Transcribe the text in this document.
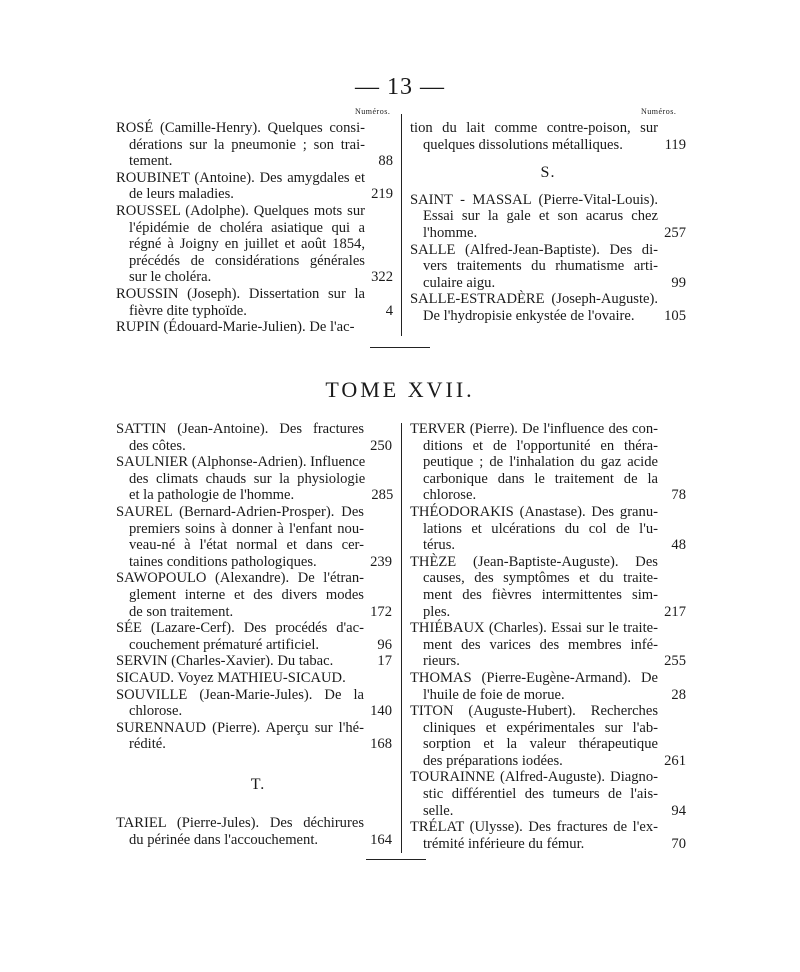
— 13 —
Numéros.	Numéros.
ROSÉ (Camille-Henry). Quelques consi-
dérations sur la pneumonie ; son trai-
tement.	88
ROUBINET (Antoine). Des amygdales et
de leurs maladies.	219
ROUSSEL (Adolphe). Quelques mots sur
l'épidémie de choléra asiatique qui a
régné à Joigny en juillet et août 1854,
précédés de considérations générales
sur le choléra.	322
ROUSSIN (Joseph). Dissertation sur la
fièvre dite typhoïde.	4
RUPIN (Édouard-Marie-Julien). De l'ac-
tion du lait comme contre-poison, sur
quelques dissolutions métalliques.	119
S.
SAINT - MASSAL (Pierre-Vital-Louis).
Essai sur la gale et son acarus chez
l'homme.	257
SALLE (Alfred-Jean-Baptiste). Des di-
vers traitements du rhumatisme arti-
culaire aigu.	99
SALLE-ESTRADÈRE (Joseph-Auguste).
De l'hydropisie enkystée de l'ovaire.	105
TOME XVII.
SATTIN (Jean-Antoine). Des fractures
des côtes.	250
SAULNIER (Alphonse-Adrien). Influence
des climats chauds sur la physiologie
et la pathologie de l'homme.	285
SAUREL (Bernard-Adrien-Prosper). Des
premiers soins à donner à l'enfant nou-
veau-né à l'état normal et dans cer-
taines conditions pathologiques.	239
SAWOPOULO (Alexandre). De l'étran-
glement interne et des divers modes
de son traitement.	172
SÉE (Lazare-Cerf). Des procédés d'ac-
couchement prématuré artificiel.	96
SERVIN (Charles-Xavier). Du tabac.	17
SICAUD. Voyez MATHIEU-SICAUD.
SOUVILLE (Jean-Marie-Jules). De la
chlorose.	140
SURENNAUD (Pierre). Aperçu sur l'hé-
rédité.	168
T.
TARIEL (Pierre-Jules). Des déchirures
du périnée dans l'accouchement.	164
TERVER (Pierre). De l'influence des con-
ditions et de l'opportunité en théra-
peutique ; de l'inhalation du gaz acide
carbonique dans le traitement de la
chlorose.	78
THÉODORAKIS (Anastase). Des granu-
lations et ulcérations du col de l'u-
térus.	48
THÈZE (Jean-Baptiste-Auguste). Des
causes, des symptômes et du traite-
ment des fièvres intermittentes sim-
ples.	217
THIÉBAUX (Charles). Essai sur le traite-
ment des varices des membres infé-
rieurs.	255
THOMAS (Pierre-Eugène-Armand). De
l'huile de foie de morue.	28
TITON (Auguste-Hubert). Recherches
cliniques et expérimentales sur l'ab-
sorption et la valeur thérapeutique
des préparations iodées.	261
TOURAINNE (Alfred-Auguste). Diagno-
stic différentiel des tumeurs de l'ais-
selle.	94
TRÉLAT (Ulysse). Des fractures de l'ex-
trémité inférieure du fémur.	70
